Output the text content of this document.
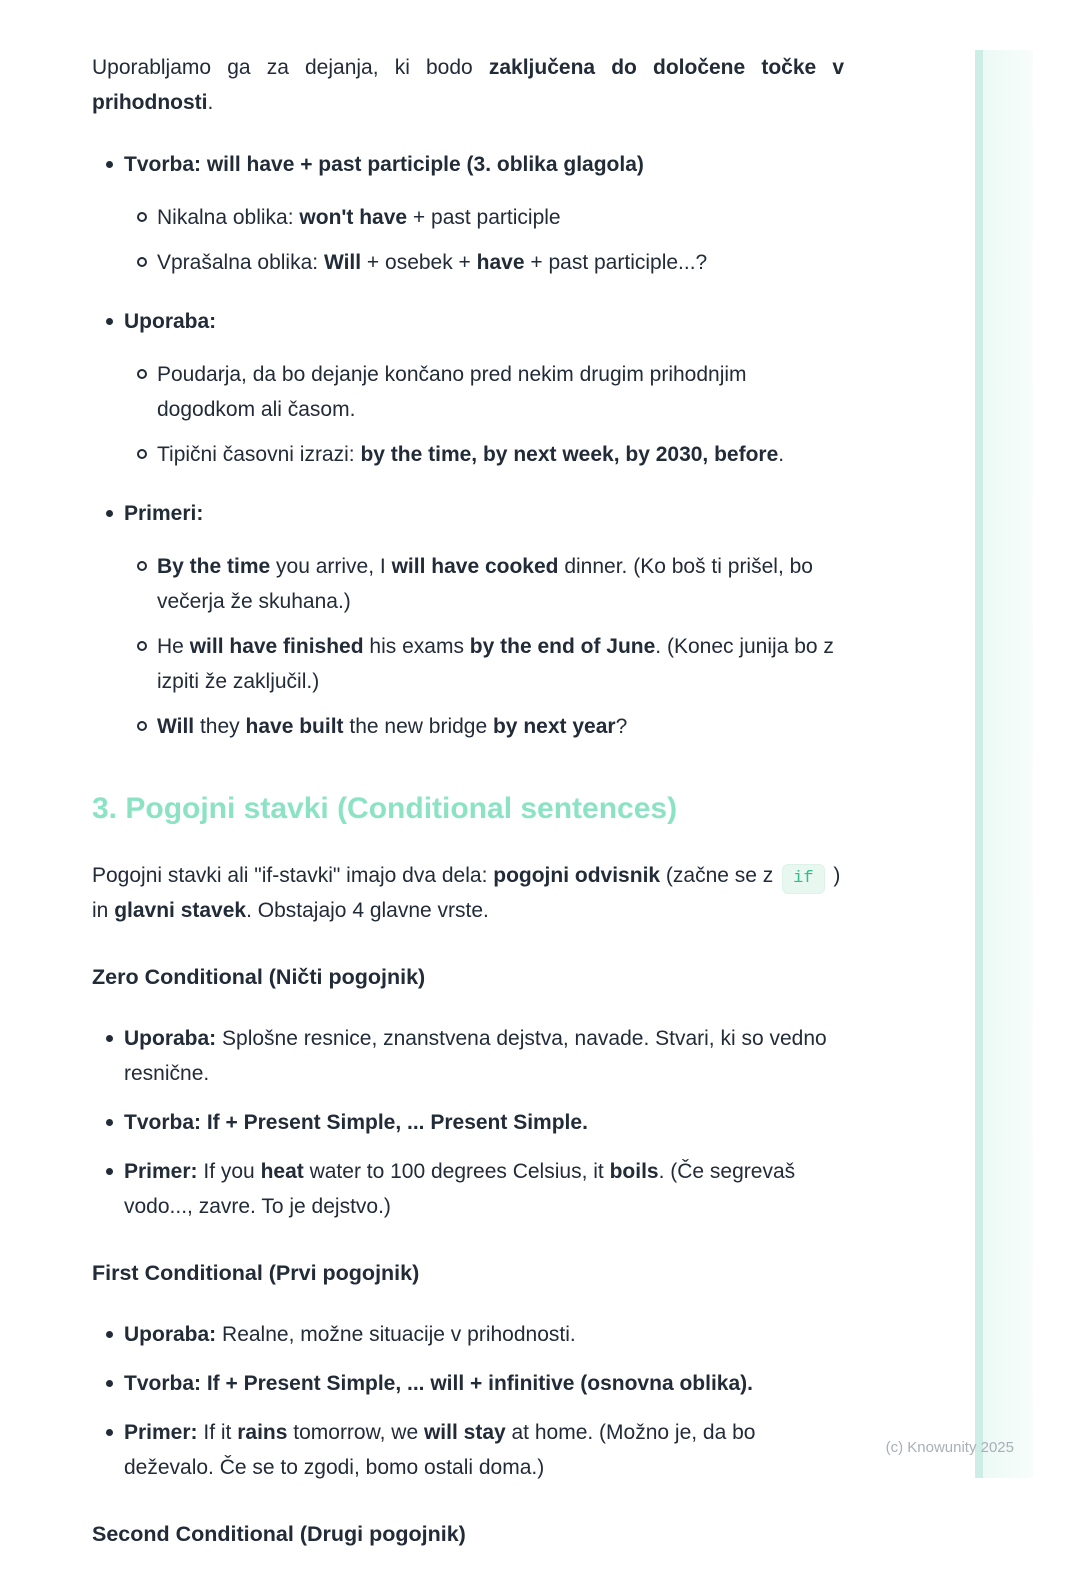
Uporabljamo ga za dejanja, ki bodo zaključena do določene točke v prihodnosti.

Tvorba: will have + past participle (3. oblika glagola)
Nikalna oblika: won't have + past participle
Vprašalna oblika: Will + osebek + have + past participle...?
Uporaba:
Poudarja, da bo dejanje končano pred nekim drugim prihodnjim dogodkom ali časom.
Tipični časovni izrazi: by the time, by next week, by 2030, before.
Primeri:
By the time you arrive, I will have cooked dinner. (Ko boš ti prišel, bo večerja že skuhana.)
He will have finished his exams by the end of June. (Konec junija bo z izpiti že zaključil.)
Will they have built the new bridge by next year?
3. Pogojni stavki (Conditional sentences)

Pogojni stavki ali "if-stavki" imajo dva dela: pogojni odvisnik (začne se z if ) in glavni stavek. Obstajajo 4 glavne vrste.

Zero Conditional (Ničti pogojnik)
Uporaba: Splošne resnice, znanstvena dejstva, navade. Stvari, ki so vedno resnične.
Tvorba: If + Present Simple, ... Present Simple.
Primer: If you heat water to 100 degrees Celsius, it boils. (Če segrevaš vodo..., zavre. To je dejstvo.)
First Conditional (Prvi pogojnik)
Uporaba: Realne, možne situacije v prihodnosti.
Tvorba: If + Present Simple, ... will + infinitive (osnovna oblika).
Primer: If it rains tomorrow, we will stay at home. (Možno je, da bo deževalo. Če se to zgodi, bomo ostali doma.)
Second Conditional (Drugi pogojnik)
(c) Knowunity 2025
